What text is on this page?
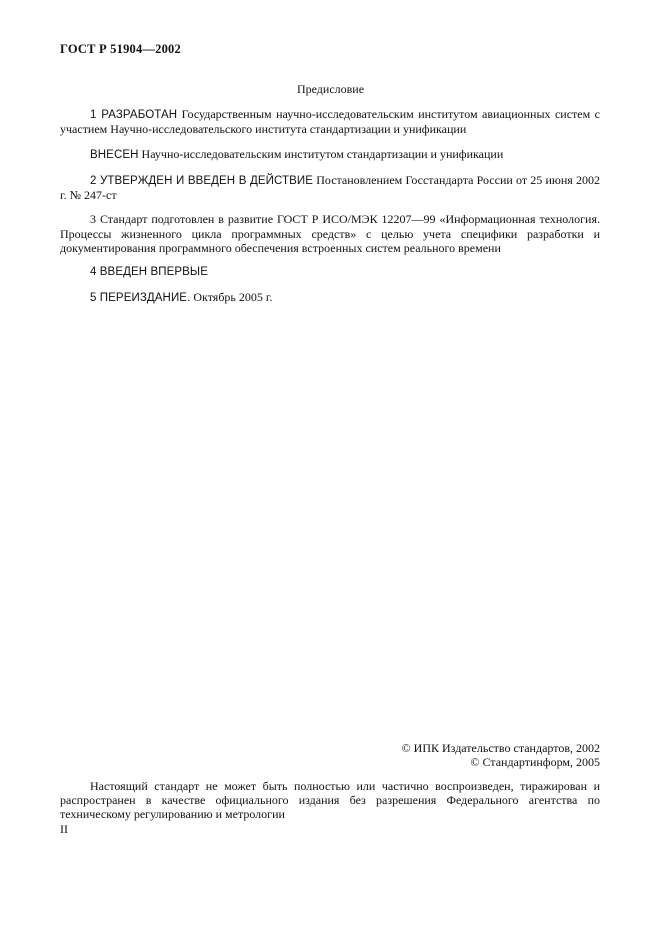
ГОСТ Р 51904—2002
Предисловие
1 РАЗРАБОТАН Государственным научно-исследовательским институтом авиационных систем с участием Научно-исследовательского института стандартизации и унификации
ВНЕСЕН Научно-исследовательским институтом стандартизации и унификации
2 УТВЕРЖДЕН И ВВЕДЕН В ДЕЙСТВИЕ Постановлением Госстандарта России от 25 июня 2002 г. № 247-ст
3 Стандарт подготовлен в развитие ГОСТ Р ИСО/МЭК 12207—99 «Информационная технология. Процессы жизненного цикла программных средств» с целью учета специфики разработки и документирования программного обеспечения встроенных систем реального времени
4 ВВЕДЕН ВПЕРВЫЕ
5 ПЕРЕИЗДАНИЕ. Октябрь 2005 г.
© ИПК Издательство стандартов, 2002
© Стандартинформ, 2005
Настоящий стандарт не может быть полностью или частично воспроизведен, тиражирован и распространен в качестве официального издания без разрешения Федерального агентства по техническому регулированию и метрологии
II
